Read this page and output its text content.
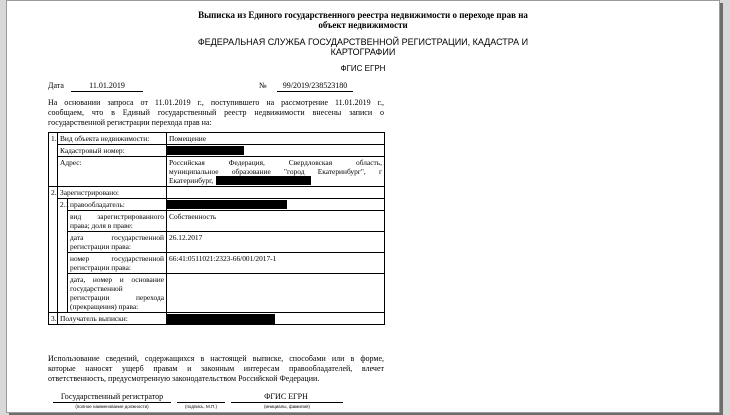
Выписка из Единого государственного реестра недвижимости о переходе прав на
объект недвижимости
ФЕДЕРАЛЬНАЯ СЛУЖБА ГОСУДАРСТВЕННОЙ РЕГИСТРАЦИИ, КАДАСТРА И
КАРТОГРАФИИ
ФГИС ЕГРН
Дата	11.01.2019	№	99/2019/238523180
На основании запроса от 11.01.2019 г., поступившего на рассмотрение 11.01.2019 г.,
сообщаем, что в Единый государственный реестр недвижимости внесены записи о
государственной регистрации перехода прав на:
1.	Вид объекта недвижимости:		Помещение
	Кадастровый номер:		

	Адрес:		Российская Федерация, Свердловская область,
муниципальное образование "город Екатеринбург", г
Екатеринбург,

2.	Зарегистрировано:		
	2.1	правообладатель:	

		вид зарегистрированного
права; доля в праве:	Собственность

		дата государственной
регистрации права:	26.12.2017

		номер государственной
регистрации права:	66:41:0511021:2323-66/001/2017-1

		дата, номер и основание
государственной
регистрации перехода
(прекращения) права:	

3.	Получатель выписки:		
Использование сведений, содержащихся в настоящей выписке, способами или в форме,
которые наносят ущерб правам и законным интересам правообладателей, влечет
ответственность, предусмотренную законодательством Российской Федерации.
Государственный регистратор	ФГИС ЕГРН
(полное наименование должности)	(подпись, М.П.)	(инициалы, фамилия)
